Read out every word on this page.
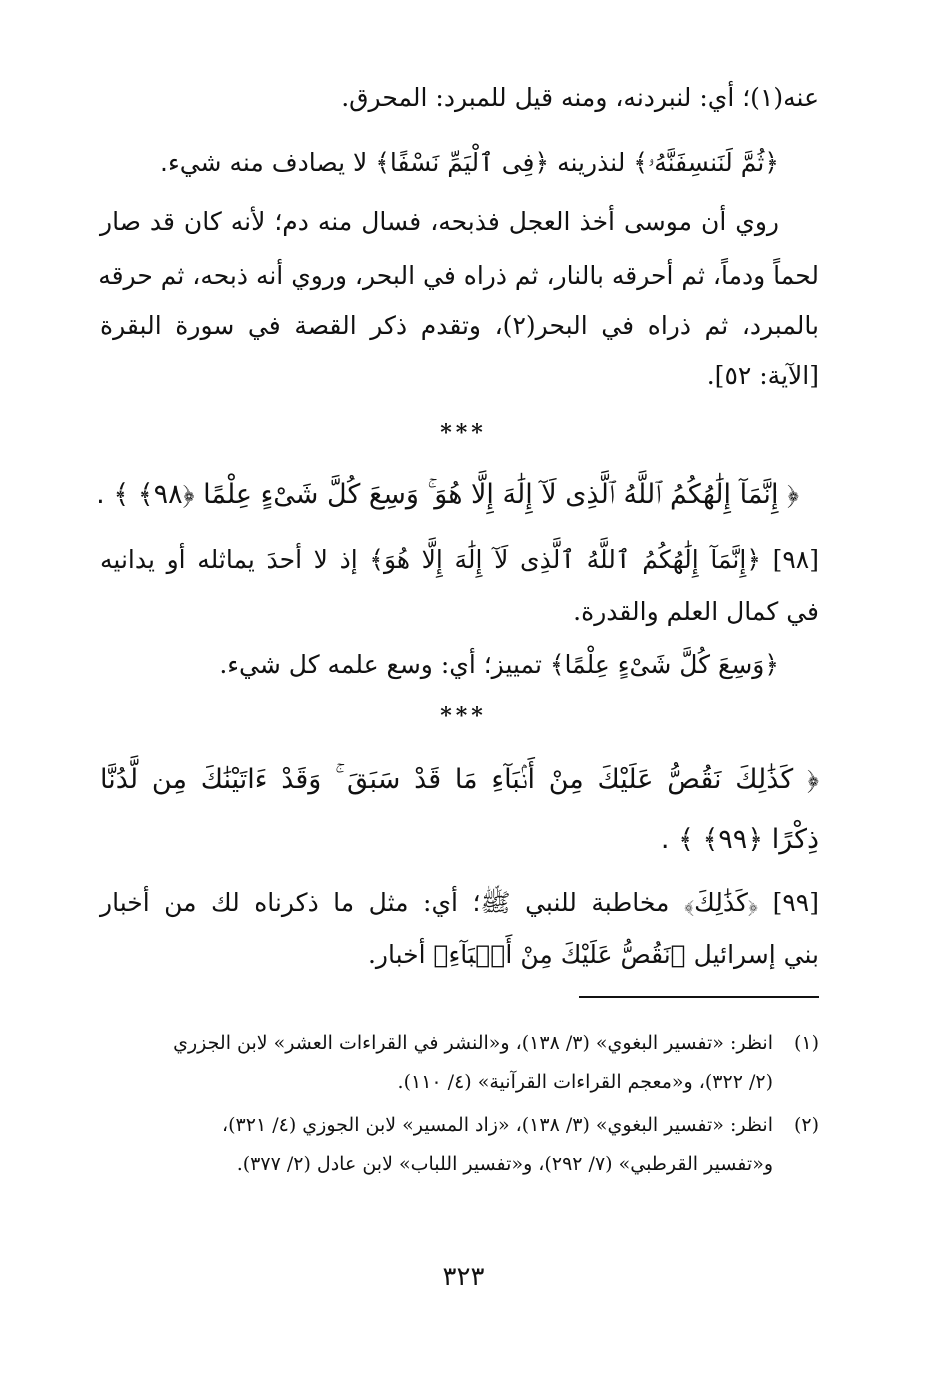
عنه(١)؛ أي: لنبردنه، ومنه قيل للمبرد: المحرق.
﴿ثُمَّ لَنَنسِفَنَّهُۥ﴾ لنذرينه ﴿فِى ٱلْيَمِّ نَسْفًا﴾ لا يصادف منه شيء.
روي أن موسى أخذ العجل فذبحه، فسال منه دم؛ لأنه كان قد صار
لحماً ودماً، ثم أحرقه بالنار، ثم ذراه في البحر، وروي أنه ذبحه، ثم حرقه
بالمبرد، ثم ذراه في البحر(٢)، وتقدم ذكر القصة في سورة البقرة
[الآية: ٥٢].
***
﴿ إِنَّمَآ إِلَٰهُكُمُ ٱللَّهُ ٱلَّذِى لَآ إِلَٰهَ إِلَّا هُوَ ۚ وَسِعَ كُلَّ شَىْءٍ عِلْمًا ﴿٩٨﴾ ﴾ .
[٩٨] ﴿إِنَّمَآ إِلَٰهُكُمُ ٱللَّهُ ٱلَّذِى لَآ إِلَٰهَ إِلَّا هُوَ﴾ إذ لا أحدَ يماثله أو يدانيه
في كمال العلم والقدرة.
﴿وَسِعَ كُلَّ شَىْءٍ عِلْمًا﴾ تمييز؛ أي: وسع علمه كل شيء.
***
﴿ كَذَٰلِكَ نَقُصُّ عَلَيْكَ مِنْ أَنۢبَآءِ مَا قَدْ سَبَقَ ۚ وَقَدْ ءَاتَيْنَٰكَ مِن لَّدُنَّا
ذِكْرًا ﴿٩٩﴾ ﴾ .
[٩٩] ﴿كَذَٰلِكَ﴾ مخاطبة للنبي ﷺ؛ أي: مثل ما ذكرناه لك من أخبار
بني إسرائيل ﴿نَقُصُّ عَلَيْكَ مِنْ أَنۢبَآءِ﴾ أخبار.
(١)انظر: «تفسير البغوي» (٣/ ١٣٨)، و«النشر في القراءات العشر» لابن الجزري
(٢/ ٣٢٢)، و«معجم القراءات القرآنية» (٤/ ١١٠).
(٢)انظر: «تفسير البغوي» (٣/ ١٣٨)، «زاد المسير» لابن الجوزي (٤/ ٣٢١)،
و«تفسير القرطبي» (٧/ ٢٩٢)، و«تفسير اللباب» لابن عادل (٢/ ٣٧٧).
٣٢٣
